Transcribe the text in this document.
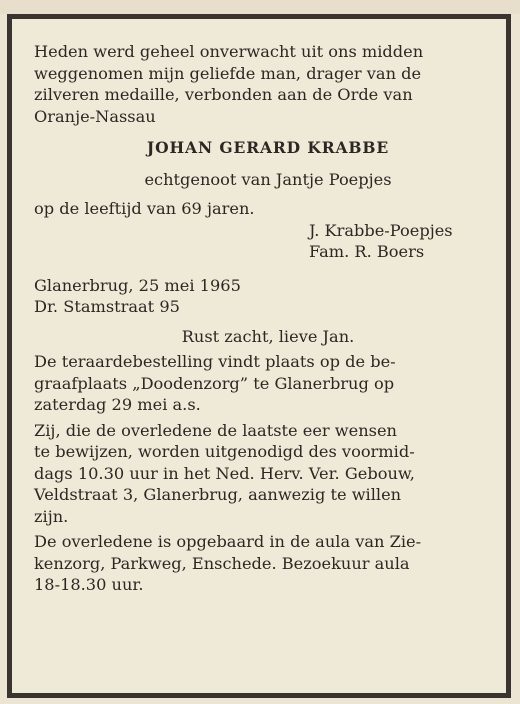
Heden werd geheel onverwacht uit ons midden
weggenomen mijn geliefde man, drager van de
zilveren medaille, verbonden aan de Orde van
Oranje-Nassau

JOHAN GERARD KRABBE

echtgenoot van Jantje Poepjes

op de leeftijd van 69 jaren.

J. Krabbe-Poepjes
Fam. R. Boers

Glanerbrug, 25 mei 1965
Dr. Stamstraat 95

Rust zacht, lieve Jan.

De teraardebestelling vindt plaats op de be-
graafplaats „Doodenzorg” te Glanerbrug op
zaterdag 29 mei a.s.

Zij, die de overledene de laatste eer wensen
te bewijzen, worden uitgenodigd des voormid-
dags 10.30 uur in het Ned. Herv. Ver. Gebouw,
Veldstraat 3, Glanerbrug, aanwezig te willen
zijn.

De overledene is opgebaard in de aula van Zie-
kenzorg, Parkweg, Enschede. Bezoekuur aula
18-18.30 uur.
